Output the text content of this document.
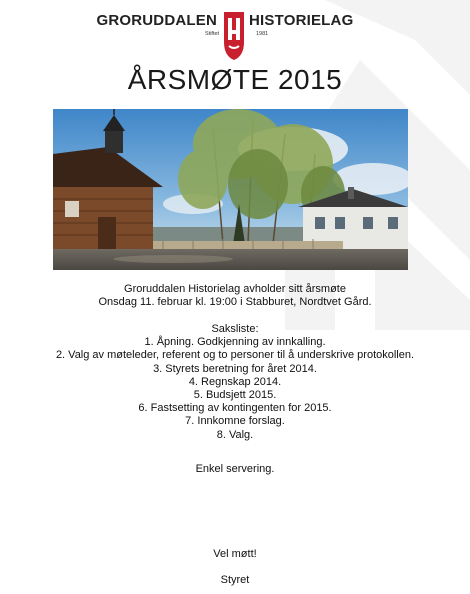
GRORUDDALEN HISTORIELAG
Stiftet	1981
ÅRSMØTE 2015
Groruddalen Historielag avholder sitt årsmøte
Onsdag 11. februar kl. 19:00 i Stabburet, Nordtvet Gård.
Saksliste:
1. Åpning. Godkjenning av innkalling.
2. Valg av møteleder, referent og to personer til å underskrive protokollen.
3. Styrets beretning for året 2014.
4. Regnskap 2014.
5. Budsjett 2015.
6. Fastsetting av kontingenten for 2015.
7. Innkomne forslag.
8. Valg.
Enkel servering.
Vel møtt!
Styret
